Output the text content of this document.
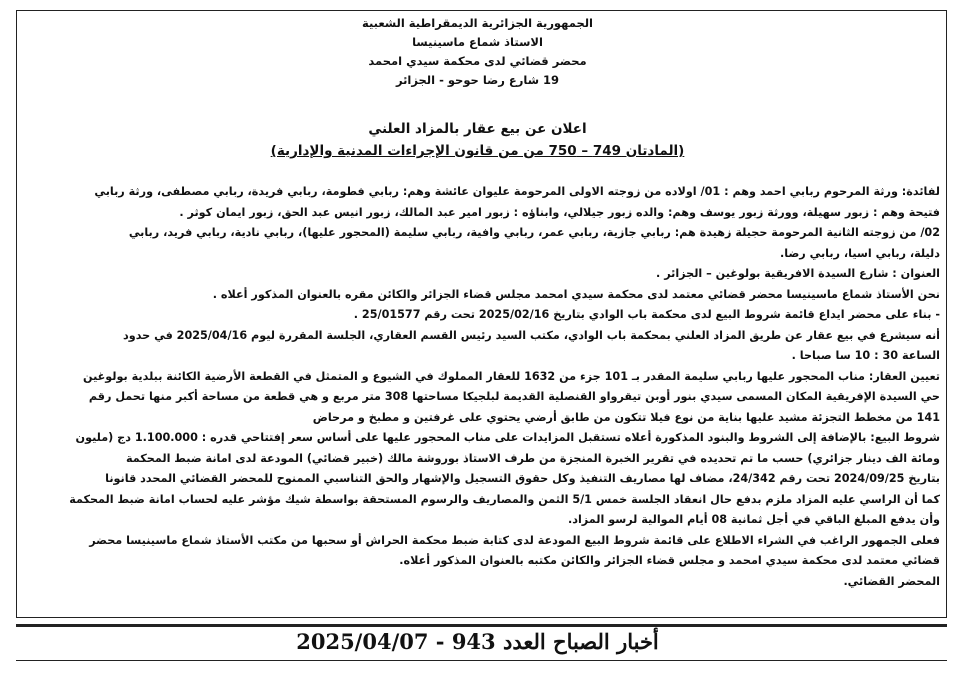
الجمهورية الجزائرية الديمقراطية الشعبية
الاستاذ شماع ماسينيسا
محضر قضائي لدى محكمة سيدي امحمد
19 شارع رضا حوحو - الجزائر
اعلان عن بيع عقار بالمزاد العلني
(المادتان 749 – 750 من من قانون الإجراءات المدنية والإدارية)
لفائدة: ورثة المرحوم ربابي احمد وهم : 01/ اولاده من زوجته الاولى المرحومة عليوان عائشة وهم: ربابي فطومة، ربابي فريدة، ربابي مصطفى، ورثة ربابي
فتيحة وهم : زبور سهيلة، وورثة زبور يوسف وهم: والده زبور جيلالي، وابناؤه : زبور امير عبد المالك، زبور انيس عبد الحق، زبور ايمان كوثر .
02/ من زوجته الثانية المرحومة حجيلة زهيدة هم: ربابي جازية، ربابي عمر، ربابي وافية، ربابي سليمة (المحجور عليها)، ربابي نادية، ربابي فريد، ربابي
دليلة، ربابي اسيا، ربابي رضا.
العنوان : شارع السيدة الافريقية بولوغين – الجزائر .
نحن الأستاذ شماع ماسينيسا محضر قضائي معتمد لدى محكمة سيدي امحمد مجلس قضاء الجزائر والكائن مقره بالعنوان المذكور أعلاه .
- بناء على محضر ايداع قائمة شروط البيع لدى محكمة باب الوادي بتاريخ 2025/02/16 تحت رقم 25/01577 .
أنه سيشرع في بيع عقار عن طريق المزاد العلني بمحكمة باب الوادي، مكتب السيد رئيس القسم العقاري، الجلسة المقررة ليوم 2025/04/16 في حدود
الساعة 30 : 10 سا صباحا .
تعيين العقار: مناب المحجور عليها ربابي سليمة المقدر بـ 101 جزء من 1632 للعقار المملوك في الشيوع و المتمثل في القطعة الأرضية الكائنة ببلدية بولوغين
حي السيدة الإفريقية المكان المسمى سيدي بنور أوبن تيقرواو القنصلية القديمة لبلجيكا مساحتها 308 متر مربع و هي قطعة من مساحة أكبر منها تحمل رقم
141 من مخطط التجزئة مشيد عليها بناية من نوع فيلا تتكون من طابق أرضي يحتوي على غرفتين و مطبخ و مرحاض
شروط البيع: بالإضافة إلى الشروط والبنود المذكورة أعلاه تستقبل المزايدات على مناب المحجور عليها على أساس سعر إفتتاحي قدره : 1.100.000 دج (مليون
ومائة الف دينار جزائري) حسب ما تم تحديده في تقرير الخبرة المنجزة من طرف الاستاذ بوروشة مالك (خبير قضائي) المودعة لدى امانة ضبط المحكمة
بتاريخ 2024/09/25 تحت رقم 24/342، مضاف لها مصاريف التنفيذ وكل حقوق التسجيل والإشهار والحق التناسبي الممنوح للمحضر القضائي المحدد قانونا
كما أن الراسي عليه المزاد ملزم بدفع حال انعقاد الجلسة خمس 5/1 الثمن والمصاريف والرسوم المستحقة بواسطة شيك مؤشر عليه لحساب امانة ضبط المحكمة
وأن يدفع المبلغ الباقي في أجل ثمانية 08 أيام الموالية لرسو المزاد.
فعلى الجمهور الراغب في الشراء الاطلاع على قائمة شروط البيع المودعة لدى كتابة ضبط محكمة الحراش أو سحبها من مكتب الأستاذ شماع ماسينيسا محضر
قضائي معتمد لدى محكمة سيدي امحمد و مجلس قضاء الجزائر والكائن مكتبه بالعنوان المذكور أعلاه.
المحضر القضائي.
أخبار الصباح العدد 943 - 2025/04/07
